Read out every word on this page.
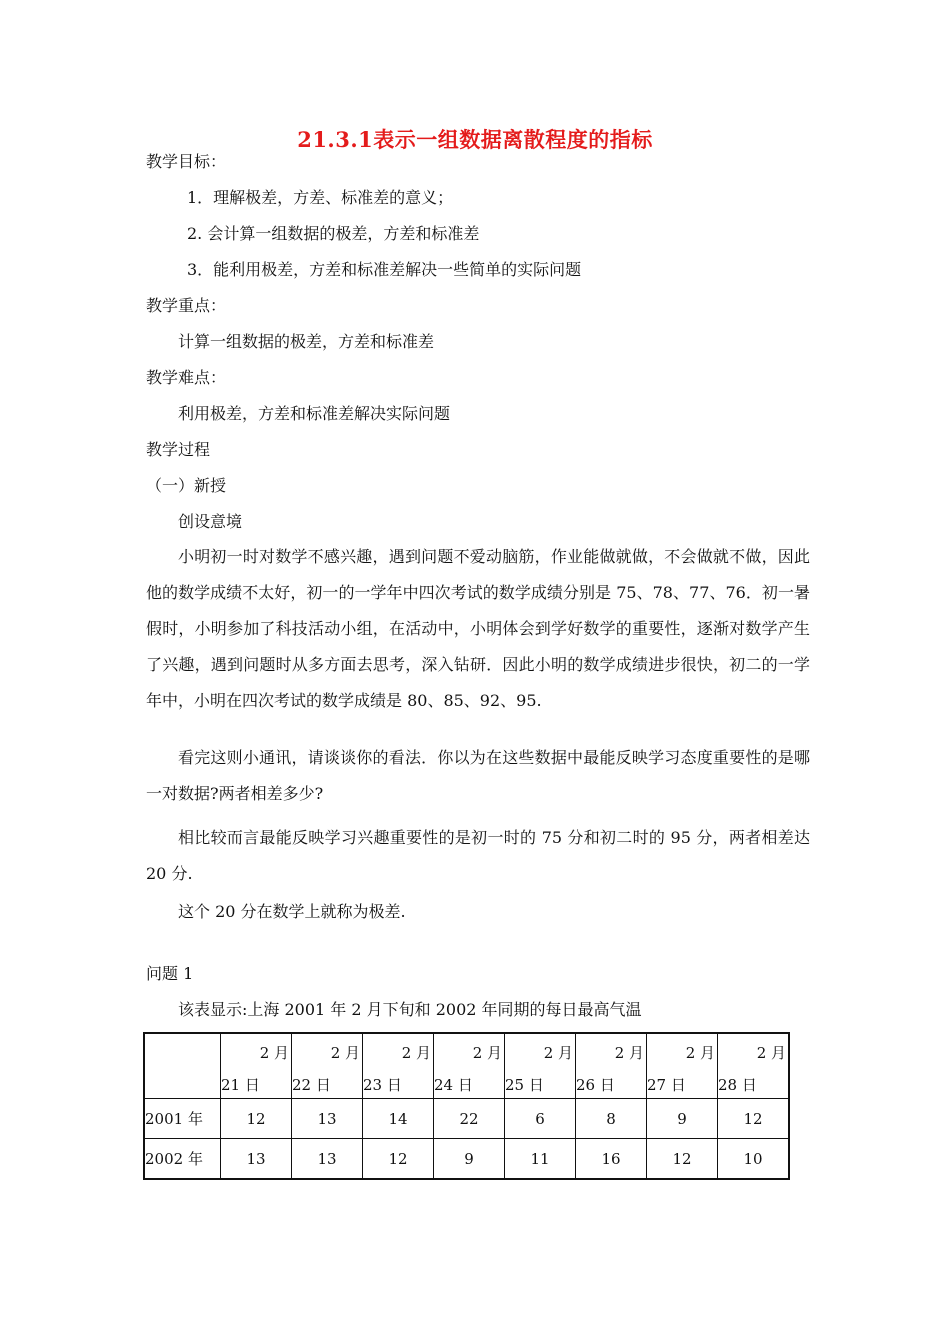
21.3.1表示一组数据离散程度的指标
教学目标：
1．理解极差，方差、标准差的意义；
2. 会计算一组数据的极差，方差和标准差
3．能利用极差，方差和标准差解决一些简单的实际问题
教学重点：
计算一组数据的极差，方差和标准差
教学难点：
利用极差，方差和标准差解决实际问题
教学过程
（一）新授
创设意境
小明初一时对数学不感兴趣，遇到问题不爱动脑筋，作业能做就做，不会做就不做，因此他的数学成绩不太好，初一的一学年中四次考试的数学成绩分别是 75、78、77、76．初一暑假时，小明参加了科技活动小组，在活动中，小明体会到学好数学的重要性，逐渐对数学产生了兴趣，遇到问题时从多方面去思考，深入钻研．因此小明的数学成绩进步很快，初二的一学年中，小明在四次考试的数学成绩是 80、85、92、95.
看完这则小通讯，请谈谈你的看法．你以为在这些数据中最能反映学习态度重要性的是哪一对数据?两者相差多少?
相比较而言最能反映学习兴趣重要性的是初一时的 75 分和初二时的 95 分，两者相差达 20 分.
这个 20 分在数学上就称为极差.
问题 1
该表显示:上海 2001 年 2 月下旬和 2002 年同期的每日最高气温

	2 月
21 日	2 月
22 日	2 月
23 日	2 月
24 日	2 月
25 日	2 月
26 日	2 月
27 日	2 月
28 日

2001 年	12	13	14	22	6	8	9	12
2002 年	13	13	12	9	11	16	12	10
